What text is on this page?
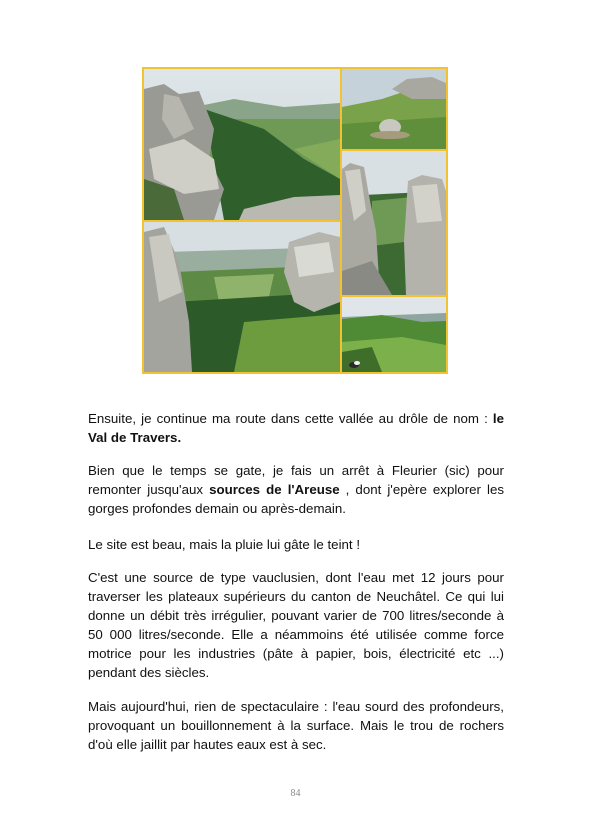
Ensuite, je continue ma route dans cette vallée au drôle de nom : le Val de Travers.
Bien que le temps se gate, je fais un arrêt à Fleurier (sic) pour remonter jusqu'aux sources de l'Areuse , dont j'epère explorer les gorges profondes demain ou après-demain.
Le site est beau, mais la pluie lui gâte le teint !
C'est une source de type vauclusien, dont l'eau met 12 jours pour traverser les plateaux supérieurs du canton de Neuchâtel. Ce qui lui donne un débit très irrégulier, pouvant varier de 700 litres/seconde à 50 000 litres/seconde. Elle a néammoins été utilisée comme force motrice pour les industries (pâte à papier, bois, électricité etc ...) pendant des siècles.
Mais aujourd'hui, rien de spectaculaire : l'eau sourd des profondeurs, provoquant un bouillonnement à la surface. Mais le trou de rochers d'où elle jaillit par hautes eaux est à sec.
84
